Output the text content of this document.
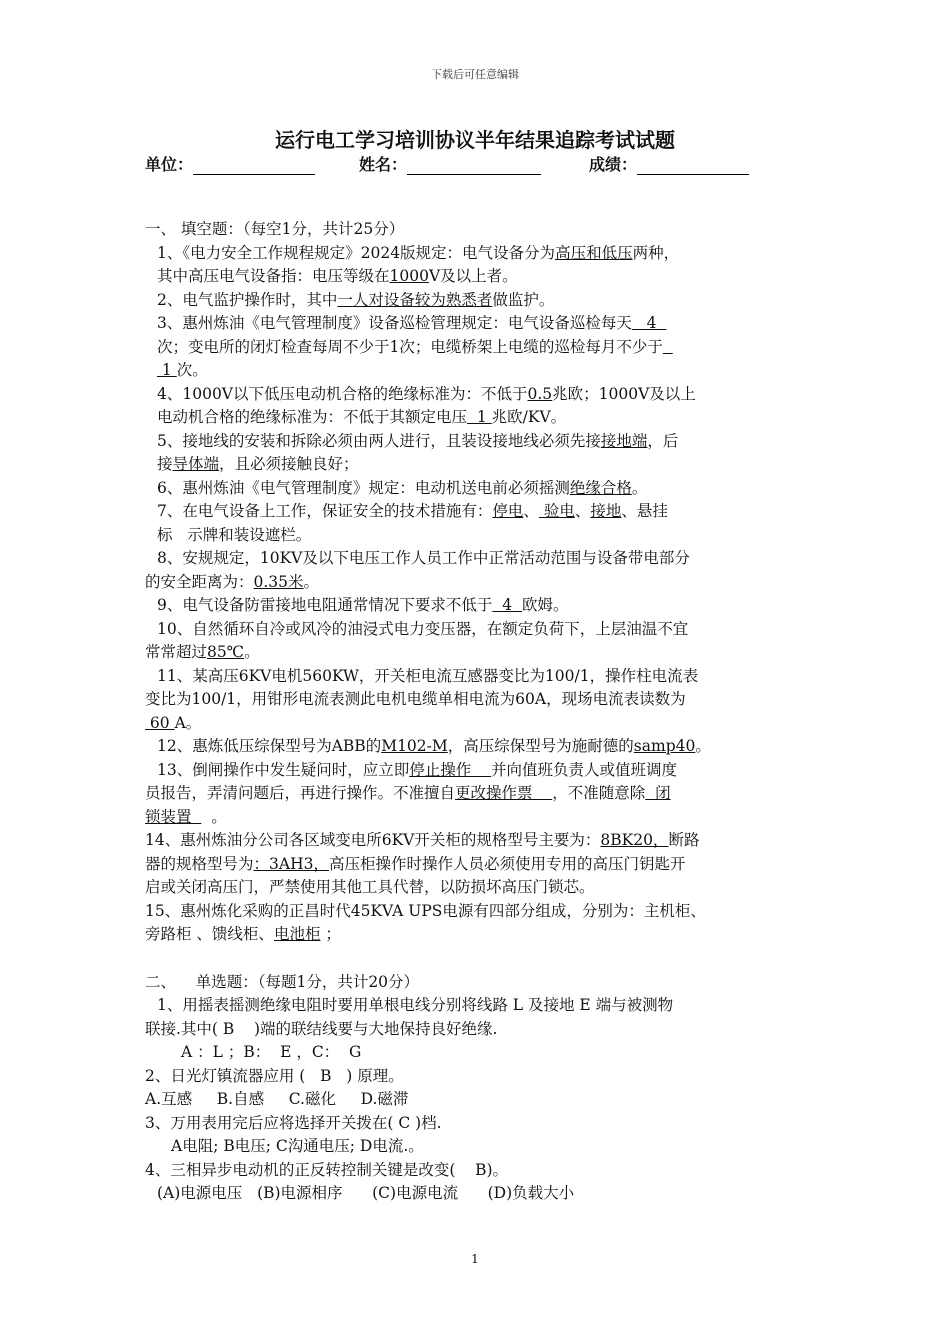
下载后可任意编辑
运行电工学习培训协议半年结果追踪考试试题
单位：	姓名：	成绩：

一、 填空题：（每空1分，共计25分）

1、《电力安全工作规程规定》2024版规定：电气设备分为高压和低压两种，

其中高压电气设备指：电压等级在1000V及以上者。

2、电气监护操作时，其中一人对设备较为熟悉者做监护。

3、惠州炼油《电气管理制度》设备巡检管理规定：电气设备巡检每天   4

次；变电所的闭灯检查每周不少于1次；电缆桥架上电缆的巡检每月不少于

1 次。

4、1000V以下低压电动机合格的绝缘标准为：不低于0.5兆欧；1000V及以上

电动机合格的绝缘标准为：不低于其额定电压  1 兆欧/KV。

5、接地线的安装和拆除必须由两人进行，且装设接地线必须先接接地端，后

接导体端，且必须接触良好；

6、惠州炼油《电气管理制度》规定：电动机送电前必须摇测绝缘合格。

7、在电气设备上工作，保证安全的技术措施有：停电、 验电、接地、悬挂

标   示牌和装设遮栏。

8、安规规定，10KV及以下电压工作人员工作中正常活动范围与设备带电部分

的安全距离为：0.35米。

9、电气设备防雷接地电阻通常情况下要求不低于  4  欧姆。

10、自然循环自冷或风冷的油浸式电力变压器，在额定负荷下，上层油温不宜

常常超过85℃。

11、某高压6KV电机560KW，开关柜电流互感器变比为100/1，操作柱电流表

变比为100/1，用钳形电流表测此电机电缆单相电流为60A，现场电流表读数为

60 A。

12、惠炼低压综保型号为ABB的M102-M，高压综保型号为施耐德的samp40。

13、倒闸操作中发生疑问时，应立即停止操作    并向值班负责人或值班调度

员报告，弄清问题后，再进行操作。不准擅自更改操作票    ，不准随意除  闭

锁装置    。

14、惠州炼油分公司各区域变电所6KV开关柜的规格型号主要为：8BK20，断路

器的规格型号为：3AH3，高压柜操作时操作人员必须使用专用的高压门钥匙开

启或关闭高压门，严禁使用其他工具代替，以防损坏高压门锁芯。

15、惠州炼化采购的正昌时代45KVA UPS电源有四部分组成，分别为：主机柜、

旁路柜 、馈线柜、电池柜 ；

二、    单选题：（每题1分，共计20分）

1、用摇表摇测绝缘电阻时要用单根电线分别将线路 L 及接地 E 端与被测物

联接.其中( B    )端的联结线要与大地保持良好绝缘.

A ：L ；B：  E ，C：  G

2、日光灯镇流器应用 (   B   ) 原理。

A.互感     B.自感     C.磁化     D.磁滞

3、万用表用完后应将选择开关拨在( C )档.

A电阻; B电压; C沟通电压; D电流.。

4、三相异步电动机的正反转控制关键是改变(    B)。

(A)电源电压   (B)电源相序      (C)电源电流      (D)负载大小

1
